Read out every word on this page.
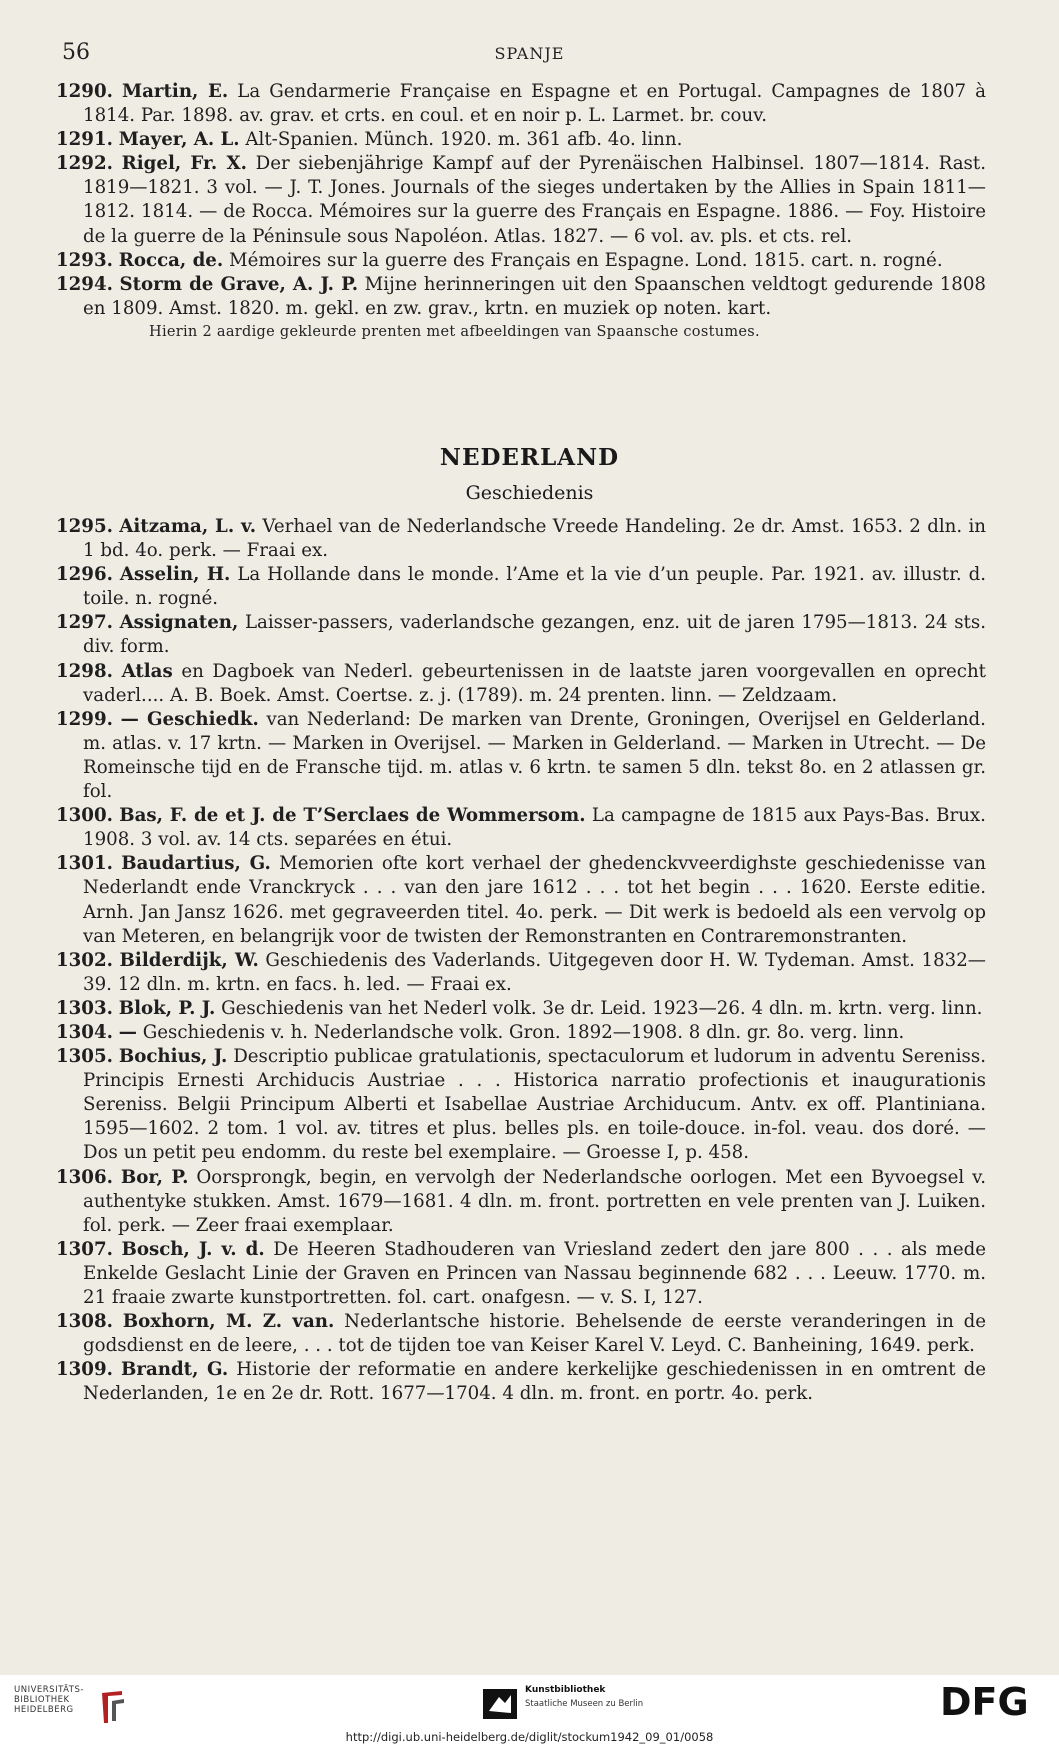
56	SPANJE

1290. Martin, E. La Gendarmerie Française en Espagne et en Portugal. Campagnes de 1807 à 1814. Par. 1898. av. grav. et crts. en coul. et en noir p. L. Larmet. br. couv.

1291. Mayer, A. L. Alt-Spanien. Münch. 1920. m. 361 afb. 4o. linn.

1292. Rigel, Fr. X. Der siebenjährige Kampf auf der Pyrenäischen Halbinsel. 1807—1814. Rast. 1819—1821. 3 vol. — J. T. Jones. Journals of the sieges undertaken by the Allies in Spain 1811—1812. 1814. — de Rocca. Mémoires sur la guerre des Français en Espagne. 1886. — Foy. Histoire de la guerre de la Péninsule sous Napoléon. Atlas. 1827. — 6 vol. av. pls. et cts. rel.

1293. Rocca, de. Mémoires sur la guerre des Français en Espagne. Lond. 1815. cart. n. rogné.

1294. Storm de Grave, A. J. P. Mijne herinneringen uit den Spaanschen veldtogt gedurende 1808 en 1809. Amst. 1820. m. gekl. en zw. grav., krtn. en muziek op noten. kart.

Hierin 2 aardige gekleurde prenten met afbeeldingen van Spaansche costumes.

NEDERLAND
Geschiedenis

1295. Aitzama, L. v. Verhael van de Nederlandsche Vreede Handeling. 2e dr. Amst. 1653. 2 dln. in 1 bd. 4o. perk. — Fraai ex.

1296. Asselin, H. La Hollande dans le monde. l’Ame et la vie d’un peuple. Par. 1921. av. illustr. d. toile. n. rogné.

1297. Assignaten, Laisser-passers, vaderlandsche gezangen, enz. uit de jaren 1795—1813. 24 sts. div. form.

1298. Atlas en Dagboek van Nederl. gebeurtenissen in de laatste jaren voorgevallen en oprecht vaderl.... A. B. Boek. Amst. Coertse. z. j. (1789). m. 24 prenten. linn. — Zeldzaam.

1299. — Geschiedk. van Nederland: De marken van Drente, Groningen, Overijsel en Gelderland. m. atlas. v. 17 krtn. — Marken in Overijsel. — Marken in Gelderland. — Marken in Utrecht. — De Romeinsche tijd en de Fransche tijd. m. atlas v. 6 krtn. te samen 5 dln. tekst 8o. en 2 atlassen gr. fol.

1300. Bas, F. de et J. de T’Serclaes de Wommersom. La campagne de 1815 aux Pays-Bas. Brux. 1908. 3 vol. av. 14 cts. separées en étui.

1301. Baudartius, G. Memorien ofte kort verhael der ghedenckvveerdighste geschiedenisse van Nederlandt ende Vranckryck . . . van den jare 1612 . . . tot het begin . . . 1620. Eerste editie. Arnh. Jan Jansz 1626. met gegraveerden titel. 4o. perk. — Dit werk is bedoeld als een vervolg op van Meteren, en belangrijk voor de twisten der Remonstranten en Contraremonstranten.

1302. Bilderdijk, W. Geschiedenis des Vaderlands. Uitgegeven door H. W. Tydeman. Amst. 1832—39. 12 dln. m. krtn. en facs. h. led. — Fraai ex.

1303. Blok, P. J. Geschiedenis van het Nederl volk. 3e dr. Leid. 1923—26. 4 dln. m. krtn. verg. linn.

1304. — Geschiedenis v. h. Nederlandsche volk. Gron. 1892—1908. 8 dln. gr. 8o. verg. linn.

1305. Bochius, J. Descriptio publicae gratulationis, spectaculorum et ludorum in adventu Sereniss. Principis Ernesti Archiducis Austriae . . . Historica narratio profectionis et inaugurationis Sereniss. Belgii Principum Alberti et Isabellae Austriae Archiducum. Antv. ex off. Plantiniana. 1595—1602. 2 tom. 1 vol. av. titres et plus. belles pls. en toile-douce. in-fol. veau. dos doré. — Dos un petit peu endomm. du reste bel exemplaire. — Groesse I, p. 458.

1306. Bor, P. Oorsprongk, begin, en vervolgh der Nederlandsche oorlogen. Met een Byvoegsel v. authentyke stukken. Amst. 1679—1681. 4 dln. m. front. portretten en vele prenten van J. Luiken. fol. perk. — Zeer fraai exemplaar.

1307. Bosch, J. v. d. De Heeren Stadhouderen van Vriesland zedert den jare 800 . . . als mede Enkelde Geslacht Linie der Graven en Princen van Nassau beginnende 682 . . . Leeuw. 1770. m. 21 fraaie zwarte kunstportretten. fol. cart. onafgesn. — v. S. I, 127.

1308. Boxhorn, M. Z. van. Nederlantsche historie. Behelsende de eerste veranderingen in de godsdienst en de leere, . . . tot de tijden toe van Keiser Karel V. Leyd. C. Banheining, 1649. perk.

1309. Brandt, G. Historie der reformatie en andere kerkelijke geschiedenissen in en omtrent de Nederlanden, 1e en 2e dr. Rott. 1677—1704. 4 dln. m. front. en portr. 4o. perk.

UNIVERSITÄTS-
BIBLIOTHEK
HEIDELBERG
Kunstbibliothek
Staatliche Museen zu Berlin	DFG
http://digi.ub.uni-heidelberg.de/diglit/stockum1942_09_01/0058
